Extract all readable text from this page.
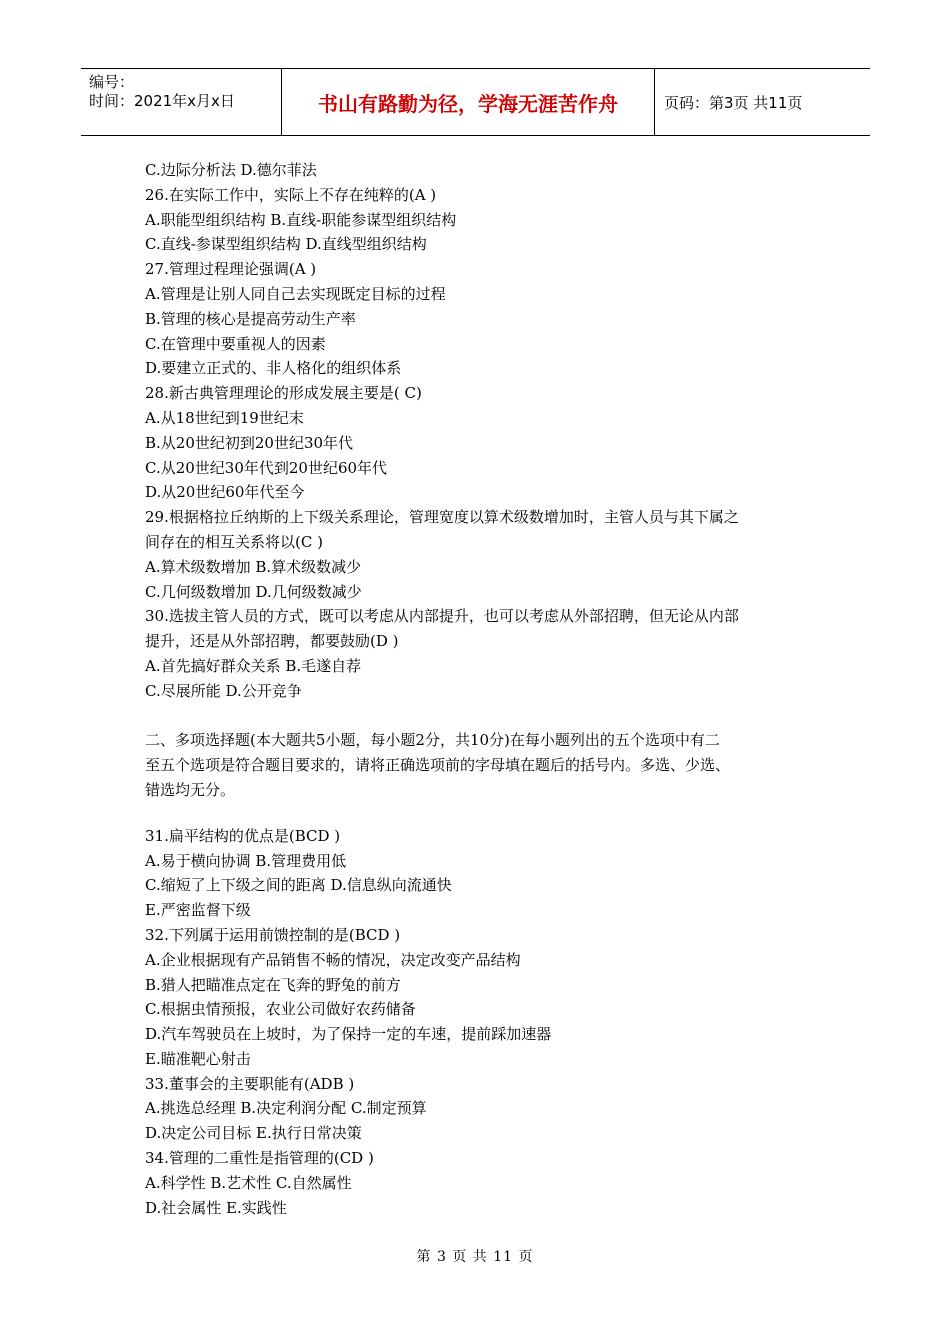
编号：
时间：2021年x月x日	书山有路勤为径，学海无涯苦作舟	页码：第3页 共11页

C.边际分析法 D.德尔菲法

26.在实际工作中，实际上不存在纯粹的(A )

A.职能型组织结构 B.直线-职能参谋型组织结构

C.直线-参谋型组织结构 D.直线型组织结构

27.管理过程理论强调(A )

A.管理是让别人同自己去实现既定目标的过程

B.管理的核心是提高劳动生产率

C.在管理中要重视人的因素

D.要建立正式的、非人格化的组织体系

28.新古典管理理论的形成发展主要是( C)

A.从18世纪到19世纪末

B.从20世纪初到20世纪30年代

C.从20世纪30年代到20世纪60年代

D.从20世纪60年代至今

29.根据格拉丘纳斯的上下级关系理论，管理宽度以算术级数增加时，主管人员与其下属之

间存在的相互关系将以(C )

A.算术级数增加 B.算术级数减少

C.几何级数增加 D.几何级数减少

30.选拔主管人员的方式，既可以考虑从内部提升，也可以考虑从外部招聘，但无论从内部

提升，还是从外部招聘，都要鼓励(D )

A.首先搞好群众关系 B.毛遂自荐

C.尽展所能 D.公开竞争

二、多项选择题(本大题共5小题，每小题2分，共10分)在每小题列出的五个选项中有二

至五个选项是符合题目要求的，请将正确选项前的字母填在题后的括号内。多选、少选、

错选均无分。

31.扁平结构的优点是(BCD )

A.易于横向协调 B.管理费用低

C.缩短了上下级之间的距离 D.信息纵向流通快

E.严密监督下级

32.下列属于运用前馈控制的是(BCD )

A.企业根据现有产品销售不畅的情况，决定改变产品结构

B.猎人把瞄准点定在飞奔的野兔的前方

C.根据虫情预报，农业公司做好农药储备

D.汽车驾驶员在上坡时，为了保持一定的车速，提前踩加速器

E.瞄准靶心射击

33.董事会的主要职能有(ADB )

A.挑选总经理 B.决定利润分配 C.制定预算

D.决定公司目标 E.执行日常决策

34.管理的二重性是指管理的(CD )

A.科学性 B.艺术性 C.自然属性

D.社会属性 E.实践性

第 3 页 共 11 页
